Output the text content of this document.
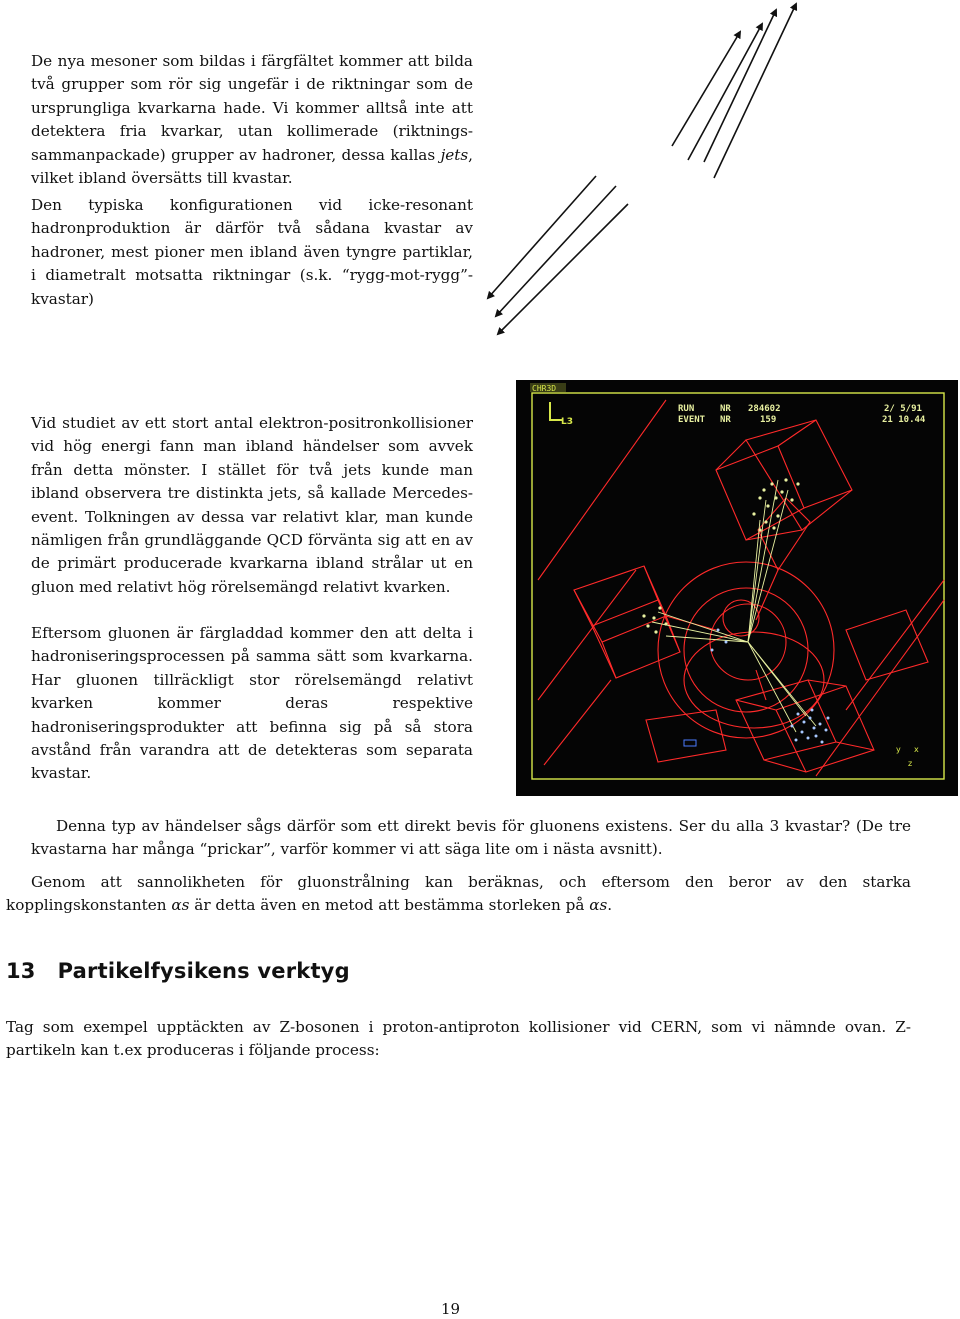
De nya mesoner som bildas i färgfältet kommer att bilda två grupper som rör sig ungefär i de riktningar som de ursprungliga kvarkarna hade. Vi kommer alltså inte att detektera fria kvarkar, utan kollimerade (riktnings-sammanpackade) grupper av hadroner, dessa kallas jets, vilket ibland översätts till kvastar.

Den typiska konfigurationen vid icke-resonant hadronproduktion är därför två sådana kvastar av hadroner, mest pioner men ibland även tyngre partiklar, i diametralt motsatta riktningar (s.k. “rygg-mot-rygg”-kvastar)

Vid studiet av ett stort antal elektron-positronkollisioner vid hög energi fann man ibland händelser som avvek från detta mönster. I stället för två jets kunde man ibland observera tre distinkta jets, så kallade Mercedes-event. Tolkningen av dessa var relativt klar, man kunde nämligen från grundläggande QCD förvänta sig att en av de primärt producerade kvarkarna ibland strålar ut en gluon med relativt hög rörelsemängd relativt kvarken.

Eftersom gluonen är färgladdad kommer den att delta i hadroniseringsprocessen på samma sätt som kvarkarna. Har gluonen tillräckligt stor rörelsemängd relativt kvarken kommer deras respektive hadroniseringsprodukter att befinna sig på så stora avstånd från varandra att de detekteras som separata kvastar.

CHR3D
L3
RUN	NR 284602
EVENT NR	159
2/ 5/91
21 10.44
y x
z

Denna typ av händelser sågs därför som ett direkt bevis för gluonens existens. Ser du alla 3 kvastar? (De tre kvastarna har många “prickar”, varför kommer vi att säga lite om i nästa avsnitt).

Genom att sannolikheten för gluonstrålning kan beräknas, och eftersom den beror av den starka kopplingskonstanten αs är detta även en metod att bestämma storleken på αs.

13 Partikelfysikens verktyg

Tag som exempel upptäckten av Z-bosonen i proton-antiproton kollisioner vid CERN, som vi nämnde ovan. Z-partikeln kan t.ex produceras i följande process:

19
